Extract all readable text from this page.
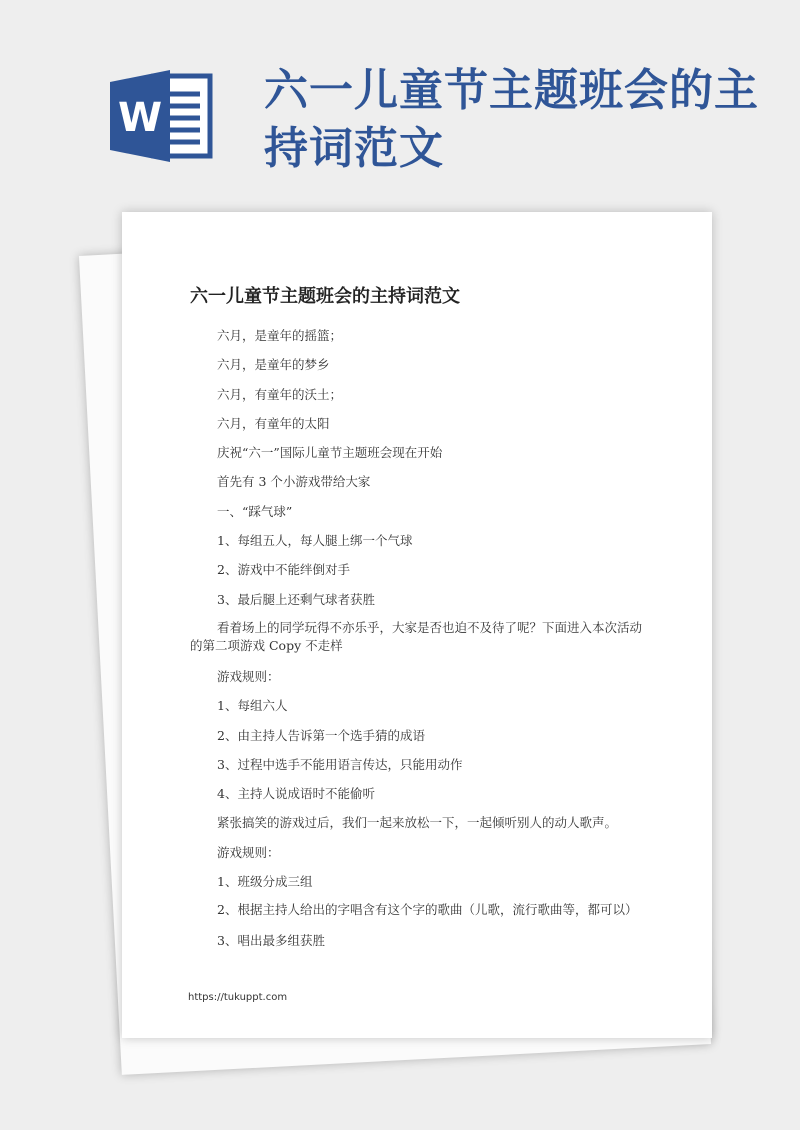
W
六一儿童节主题班会的主持词范文
六一儿童节主题班会的主持词范文
六月，是童年的摇篮；
六月，是童年的梦乡
六月，有童年的沃土；
六月，有童年的太阳
庆祝“六一”国际儿童节主题班会现在开始
首先有 3 个小游戏带给大家
一、“踩气球”
1、每组五人，每人腿上绑一个气球
2、游戏中不能绊倒对手
3、最后腿上还剩气球者获胜
看着场上的同学玩得不亦乐乎，大家是否也迫不及待了呢？下面进入本次活动的第二项游戏 Copy 不走样
游戏规则：
1、每组六人
2、由主持人告诉第一个选手猜的成语
3、过程中选手不能用语言传达，只能用动作
4、主持人说成语时不能偷听
紧张搞笑的游戏过后，我们一起来放松一下，一起倾听别人的动人歌声。
游戏规则：
1、班级分成三组
2、根据主持人给出的字唱含有这个字的歌曲（儿歌，流行歌曲等，都可以）
3、唱出最多组获胜
https://tukuppt.com
